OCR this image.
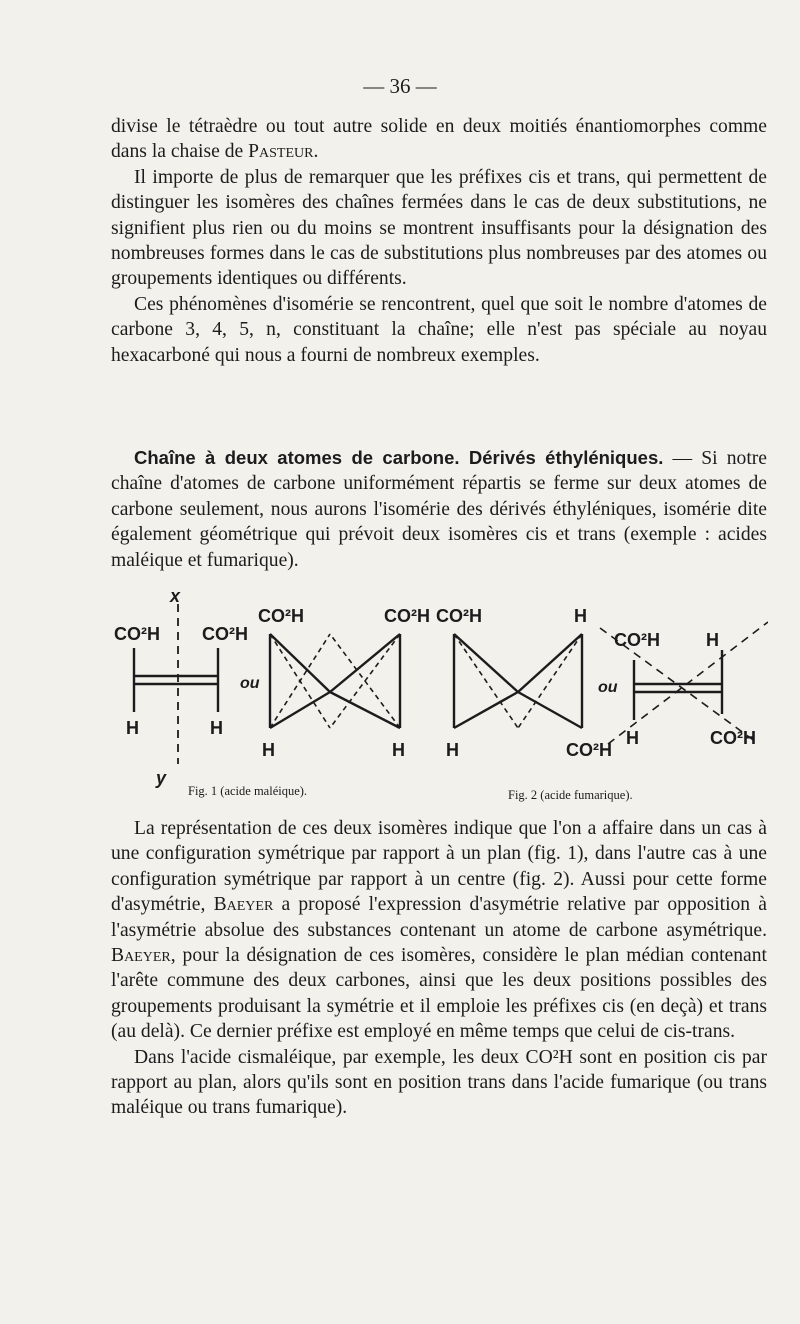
— 36 —

divise le tétraèdre ou tout autre solide en deux moitiés énantiomorphes comme dans la chaise de Pasteur.

Il importe de plus de remarquer que les préfixes cis et trans, qui permettent de distinguer les isomères des chaînes fermées dans le cas de deux substitutions, ne signifient plus rien ou du moins se montrent insuffisants pour la désignation des nombreuses formes dans le cas de substitutions plus nombreuses par des atomes ou groupements identiques ou différents.

Ces phénomènes d'isomérie se rencontrent, quel que soit le nombre d'atomes de carbone 3, 4, 5, n, constituant la chaîne; elle n'est pas spéciale au noyau hexacarboné qui nous a fourni de nombreux exemples.

Chaîne à deux atomes de carbone. Dérivés éthyléniques. — Si notre chaîne d'atomes de carbone uniformément répartis se ferme sur deux atomes de carbone seulement, nous aurons l'isomérie des dérivés éthyléniques, isomérie dite également géométrique qui prévoit deux isomères cis et trans (exemple : acides maléique et fumarique).

CO²H CO²H
H	H
x
y
ou
CO²H	CO²H
H	H
CO²H	H
H	CO²H
ou
CO²H	H
H	CO²H
Fig. 1 (acide maléique).	Fig. 2 (acide fumarique).

La représentation de ces deux isomères indique que l'on a affaire dans un cas à une configuration symétrique par rapport à un plan (fig. 1), dans l'autre cas à une configuration symétrique par rapport à un centre (fig. 2). Aussi pour cette forme d'asymétrie, Baeyer a proposé l'expression d'asymétrie relative par opposition à l'asymétrie absolue des substances contenant un atome de carbone asymétrique. Baeyer, pour la désignation de ces isomères, considère le plan médian contenant l'arête commune des deux carbones, ainsi que les deux positions possibles des groupements produisant la symétrie et il emploie les préfixes cis (en deçà) et trans (au delà). Ce dernier préfixe est employé en même temps que celui de cis-trans.

Dans l'acide cismaléique, par exemple, les deux CO²H sont en position cis par rapport au plan, alors qu'ils sont en position trans dans l'acide fumarique (ou trans maléique ou trans fumarique).
